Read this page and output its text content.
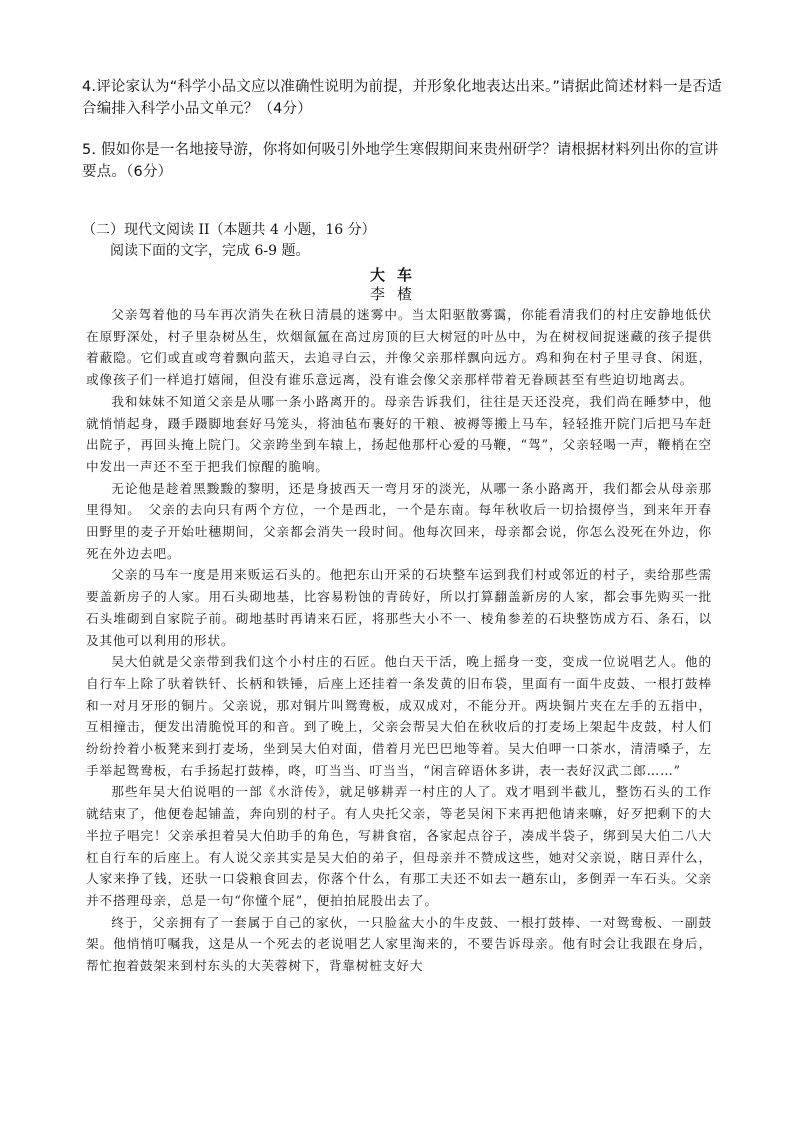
4.评论家认为“科学小品文应以准确性说明为前提，并形象化地表达出来。”请据此简述材料一是否适合编排入科学小品文单元？（4分）
5. 假如你是一名地接导游，你将如何吸引外地学生寒假期间来贵州研学？请根据材料列出你的宣讲要点。（6分）
（二）现代文阅读 II（本题共 4 小题，16 分）
阅读下面的文字，完成 6-9 题。
大车
李楂

父亲驾着他的马车再次消失在秋日清晨的迷雾中。当太阳驱散雾霭，你能看清我们的村庄安静地低伏在原野深处，村子里杂树丛生，炊烟氤氲在高过房顶的巨大树冠的叶丛中，为在树杈间捉迷藏的孩子提供着蔽隐。它们或直或弯着飘向蓝天，去追寻白云，并像父亲那样飘向远方。鸡和狗在村子里寻食、闲逛，或像孩子们一样追打嬉闹，但没有谁乐意远离，没有谁会像父亲那样带着无眷顾甚至有些迫切地离去。

我和妹妹不知道父亲是从哪一条小路离开的。母亲告诉我们，往往是天还没亮，我们尚在睡梦中，他就悄悄起身，蹑手蹑脚地套好马笼头，将油毡布裹好的干粮、被褥等搬上马车，轻轻推开院门后把马车赶出院子，再回头掩上院门。父亲跨坐到车辕上，扬起他那杆心爱的马鞭，“驾”，父亲轻喝一声，鞭梢在空中发出一声还不至于把我们惊醒的脆响。

无论他是趁着黑黢黢的黎明，还是身披西天一弯月牙的淡光，从哪一条小路离开，我们都会从母亲那里得知。　父亲的去向只有两个方位，一个是西北，一个是东南。每年秋收后一切拾掇停当，到来年开春田野里的麦子开始吐穗期间，父亲都会消失一段时间。他每次回来，母亲都会说，你怎么没死在外边，你死在外边去吧。

父亲的马车一度是用来贩运石头的。他把东山开采的石块整车运到我们村或邻近的村子，卖给那些需要盖新房子的人家。用石头砌地基，比容易粉蚀的青砖好，所以打算翻盖新房的人家，都会事先购买一批石头堆砌到自家院子前。砌地基时再请来石匠，将那些大小不一、棱角参差的石块整饬成方石、条石，以及其他可以利用的形状。

吴大伯就是父亲带到我们这个小村庄的石匠。他白天干活，晚上摇身一变，变成一位说唱艺人。他的自行车上除了驮着铁钎、长柄和铁锤，后座上还挂着一条发黄的旧布袋，里面有一面牛皮鼓、一根打鼓棒和一对月牙形的铜片。父亲说，那对铜片叫鸳鸯板，成双成对，不能分开。两块铜片夹在左手的五指中，互相撞击，便发出清脆悦耳的和音。到了晚上，父亲会帮吴大伯在秋收后的打麦场上架起牛皮鼓，村人们纷纷拎着小板凳来到打麦场，坐到吴大伯对面，借着月光巴巴地等着。吴大伯呷一口茶水，清清嗓子，左手举起鸳鸯板，右手扬起打鼓棒，咚，叮当当、叮当当，“闲言碎语休多讲，表一表好汉武二郎……”

那些年吴大伯说唱的一部《水浒传》，就足够耕弄一村庄的人了。戏才唱到半截儿，整饬石头的工作就结束了，他便卷起铺盖，奔向别的村子。有人央托父亲，等老吴闲下来再把他请来嘛，好歹把剩下的大半拉子唱完！父亲承担着吴大伯助手的角色，写耕食宿，各家起点谷子，凑成半袋子，绑到吴大伯二八大杠自行车的后座上。有人说父亲其实是吴大伯的弟子，但母亲并不赞成这些，她对父亲说，瞎日弄什么，人家来挣了钱，还驮一口袋粮食回去，你落个什么，有那工夫还不如去一趟东山，多倒弄一车石头。父亲并不搭理母亲，总是一句“你懂个屁”，便拍拍屁股出去了。

终于，父亲拥有了一套属于自己的家伙，一只脸盆大小的牛皮鼓、一根打鼓棒、一对鸳鸯板、一副鼓架。他悄悄叮嘱我，这是从一个死去的老说唱艺人家里淘来的，不要告诉母亲。他有时会让我跟在身后，帮忙抱着鼓架来到村东头的大芙蓉树下，背靠树桩支好大
